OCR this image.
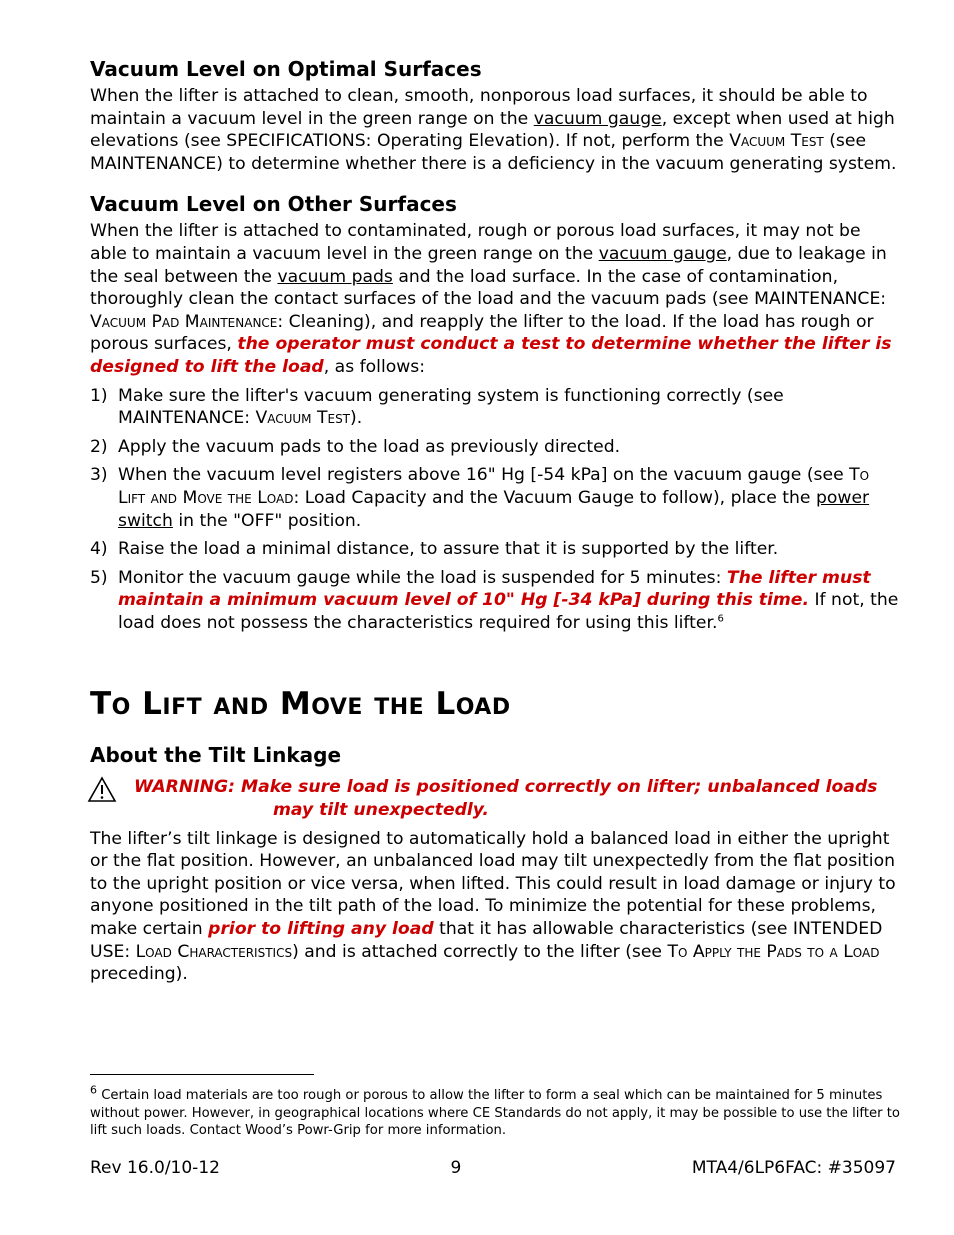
Vacuum Level on Optimal Surfaces

When the lifter is attached to clean, smooth, nonporous load surfaces, it should be able to maintain a vacuum level in the green range on the vacuum gauge, except when used at high elevations (see SPECIFICATIONS: Operating Elevation). If not, perform the Vacuum Test (see MAINTENANCE) to determine whether there is a deficiency in the vacuum generating system.

Vacuum Level on Other Surfaces

When the lifter is attached to contaminated, rough or porous load surfaces, it may not be able to maintain a vacuum level in the green range on the vacuum gauge, due to leakage in the seal between the vacuum pads and the load surface. In the case of contamination, thoroughly clean the contact surfaces of the load and the vacuum pads (see MAINTENANCE: Vacuum Pad Maintenance: Cleaning), and reapply the lifter to the load. If the load has rough or porous surfaces, the operator must conduct a test to determine whether the lifter is designed to lift the load, as follows:

1) Make sure the lifter's vacuum generating system is functioning correctly (see MAINTENANCE: Vacuum Test).
2) Apply the vacuum pads to the load as previously directed.
3) When the vacuum level registers above 16" Hg [-54 kPa] on the vacuum gauge (see To Lift and Move the Load: Load Capacity and the Vacuum Gauge to follow), place the power switch in the "OFF" position.
4) Raise the load a minimal distance, to assure that it is supported by the lifter.
5) Monitor the vacuum gauge while the load is suspended for 5 minutes: The lifter must maintain a minimum vacuum level of 10" Hg [-34 kPa] during this time. If not, the load does not possess the characteristics required for using this lifter.$^6$
To Lift and Move the Load
About the Tilt Linkage
WARNING: Make sure load is positioned correctly on lifter; unbalanced loads
may tilt unexpectedly.

The lifter’s tilt linkage is designed to automatically hold a balanced load in either the upright or the flat position. However, an unbalanced load may tilt unexpectedly from the flat position to the upright position or vice versa, when lifted. This could result in load damage or injury to anyone positioned in the tilt path of the load. To minimize the potential for these problems, make certain prior to lifting any load that it has allowable characteristics (see INTENDED USE: Load Characteristics) and is attached correctly to the lifter (see To Apply the Pads to a Load preceding).

$^6$ Certain load materials are too rough or porous to allow the lifter to form a seal which can be maintained for 5 minutes without power. However, in geographical locations where CE Standards do not apply, it may be possible to use the lifter to lift such loads. Contact Wood’s Powr-Grip for more information.
Rev 16.0/10-12	9	MTA4/6LP6FAC: #35097
